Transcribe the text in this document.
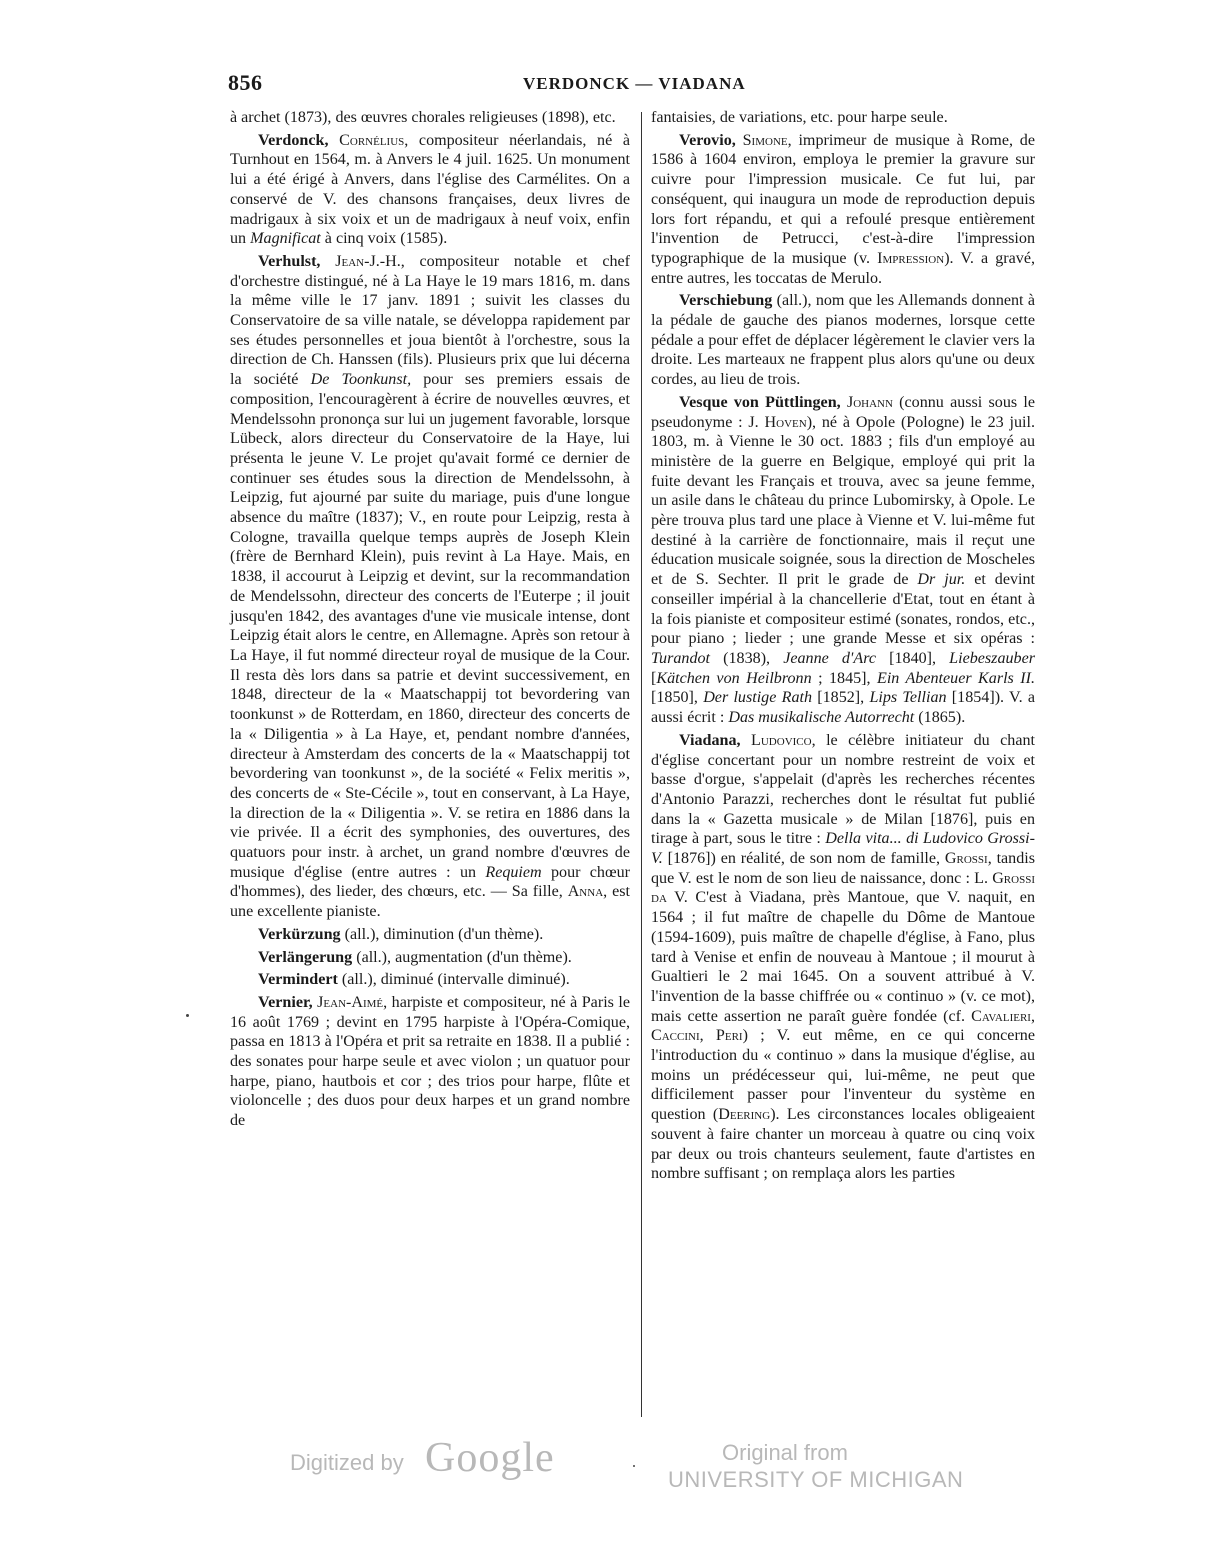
856	VERDONCK — VIADANA

à archet (1873), des œuvres chorales religieuses (1898), etc.

Verdonck, Cornélius, compositeur néerlandais, né à Turnhout en 1564, m. à Anvers le 4 juil. 1625. Un monument lui a été érigé à Anvers, dans l'église des Carmélites. On a conservé de V. des chansons françaises, deux livres de madrigaux à six voix et un de madrigaux à neuf voix, enfin un Magnificat à cinq voix (1585).

Verhulst, Jean-J.-H., compositeur notable et chef d'orchestre distingué, né à La Haye le 19 mars 1816, m. dans la même ville le 17 janv. 1891 ; suivit les classes du Conservatoire de sa ville natale, se développa rapidement par ses études personnelles et joua bientôt à l'orchestre, sous la direction de Ch. Hanssen (fils). Plusieurs prix que lui décerna la société De Toonkunst, pour ses premiers essais de composition, l'encouragèrent à écrire de nouvelles œuvres, et Mendelssohn prononça sur lui un jugement favorable, lorsque Lübeck, alors directeur du Conservatoire de la Haye, lui présenta le jeune V. Le projet qu'avait formé ce dernier de continuer ses études sous la direction de Mendelssohn, à Leipzig, fut ajourné par suite du mariage, puis d'une longue absence du maître (1837); V., en route pour Leipzig, resta à Cologne, travailla quelque temps auprès de Joseph Klein (frère de Bernhard Klein), puis revint à La Haye. Mais, en 1838, il accourut à Leipzig et devint, sur la recommandation de Mendelssohn, directeur des concerts de l'Euterpe ; il jouit jusqu'en 1842, des avantages d'une vie musicale intense, dont Leipzig était alors le centre, en Allemagne. Après son retour à La Haye, il fut nommé directeur royal de musique de la Cour. Il resta dès lors dans sa patrie et devint successivement, en 1848, directeur de la « Maatschappij tot bevordering van toonkunst » de Rotterdam, en 1860, directeur des concerts de la « Diligentia » à La Haye, et, pendant nombre d'années, directeur à Amsterdam des concerts de la « Maatschappij tot bevordering van toonkunst », de la société « Felix meritis », des concerts de « Ste-Cécile », tout en conservant, à La Haye, la direction de la « Diligentia ». V. se retira en 1886 dans la vie privée. Il a écrit des symphonies, des ouvertures, des quatuors pour instr. à archet, un grand nombre d'œuvres de musique d'église (entre autres : un Requiem pour chœur d'hommes), des lieder, des chœurs, etc. — Sa fille, Anna, est une excellente pianiste.

Verkürzung (all.), diminution (d'un thème).

Verlängerung (all.), augmentation (d'un thème).

Vermindert (all.), diminué (intervalle diminué).

Vernier, Jean-Aimé, harpiste et compositeur, né à Paris le 16 août 1769 ; devint en 1795 harpiste à l'Opéra-Comique, passa en 1813 à l'Opéra et prit sa retraite en 1838. Il a publié : des sonates pour harpe seule et avec violon ; un quatuor pour harpe, piano, hautbois et cor ; des trios pour harpe, flûte et violoncelle ; des duos pour deux harpes et un grand nombre de

fantaisies, de variations, etc. pour harpe seule.

Verovio, Simone, imprimeur de musique à Rome, de 1586 à 1604 environ, employa le premier la gravure sur cuivre pour l'impression musicale. Ce fut lui, par conséquent, qui inaugura un mode de reproduction depuis lors fort répandu, et qui a refoulé presque entièrement l'invention de Petrucci, c'est-à-dire l'impression typographique de la musique (v. Impression). V. a gravé, entre autres, les toccatas de Merulo.

Verschiebung (all.), nom que les Allemands donnent à la pédale de gauche des pianos modernes, lorsque cette pédale a pour effet de déplacer légèrement le clavier vers la droite. Les marteaux ne frappent plus alors qu'une ou deux cordes, au lieu de trois.

Vesque von Püttlingen, Johann (connu aussi sous le pseudonyme : J. Hoven), né à Opole (Pologne) le 23 juil. 1803, m. à Vienne le 30 oct. 1883 ; fils d'un employé au ministère de la guerre en Belgique, employé qui prit la fuite devant les Français et trouva, avec sa jeune femme, un asile dans le château du prince Lubomirsky, à Opole. Le père trouva plus tard une place à Vienne et V. lui-même fut destiné à la carrière de fonctionnaire, mais il reçut une éducation musicale soignée, sous la direction de Moscheles et de S. Sechter. Il prit le grade de Dr jur. et devint conseiller impérial à la chancellerie d'Etat, tout en étant à la fois pianiste et compositeur estimé (sonates, rondos, etc., pour piano ; lieder ; une grande Messe et six opéras : Turandot (1838), Jeanne d'Arc [1840], Liebeszauber [Kätchen von Heilbronn ; 1845], Ein Abenteuer Karls II. [1850], Der lustige Rath [1852], Lips Tellian [1854]). V. a aussi écrit : Das musikalische Autorrecht (1865).

Viadana, Ludovico, le célèbre initiateur du chant d'église concertant pour un nombre restreint de voix et basse d'orgue, s'appelait (d'après les recherches récentes d'Antonio Parazzi, recherches dont le résultat fut publié dans la « Gazetta musicale » de Milan [1876], puis en tirage à part, sous le titre : Della vita... di Ludovico Grossi-V. [1876]) en réalité, de son nom de famille, Grossi, tandis que V. est le nom de son lieu de naissance, donc : L. Grossi da V. C'est à Viadana, près Mantoue, que V. naquit, en 1564 ; il fut maître de chapelle du Dôme de Mantoue (1594-1609), puis maître de chapelle d'église, à Fano, plus tard à Venise et enfin de nouveau à Mantoue ; il mourut à Gualtieri le 2 mai 1645. On a souvent attribué à V. l'invention de la basse chiffrée ou « continuo » (v. ce mot), mais cette assertion ne paraît guère fondée (cf. Cavalieri, Caccini, Peri) ; V. eut même, en ce qui concerne l'introduction du « continuo » dans la musique d'église, au moins un prédécesseur qui, lui-même, ne peut que difficilement passer pour l'inventeur du système en question (Deering). Les circonstances locales obligeaient souvent à faire chanter un morceau à quatre ou cinq voix par deux ou trois chanteurs seulement, faute d'artistes en nombre suffisant ; on remplaça alors les parties

Digitized by Google	Original from
UNIVERSITY OF MICHIGAN
